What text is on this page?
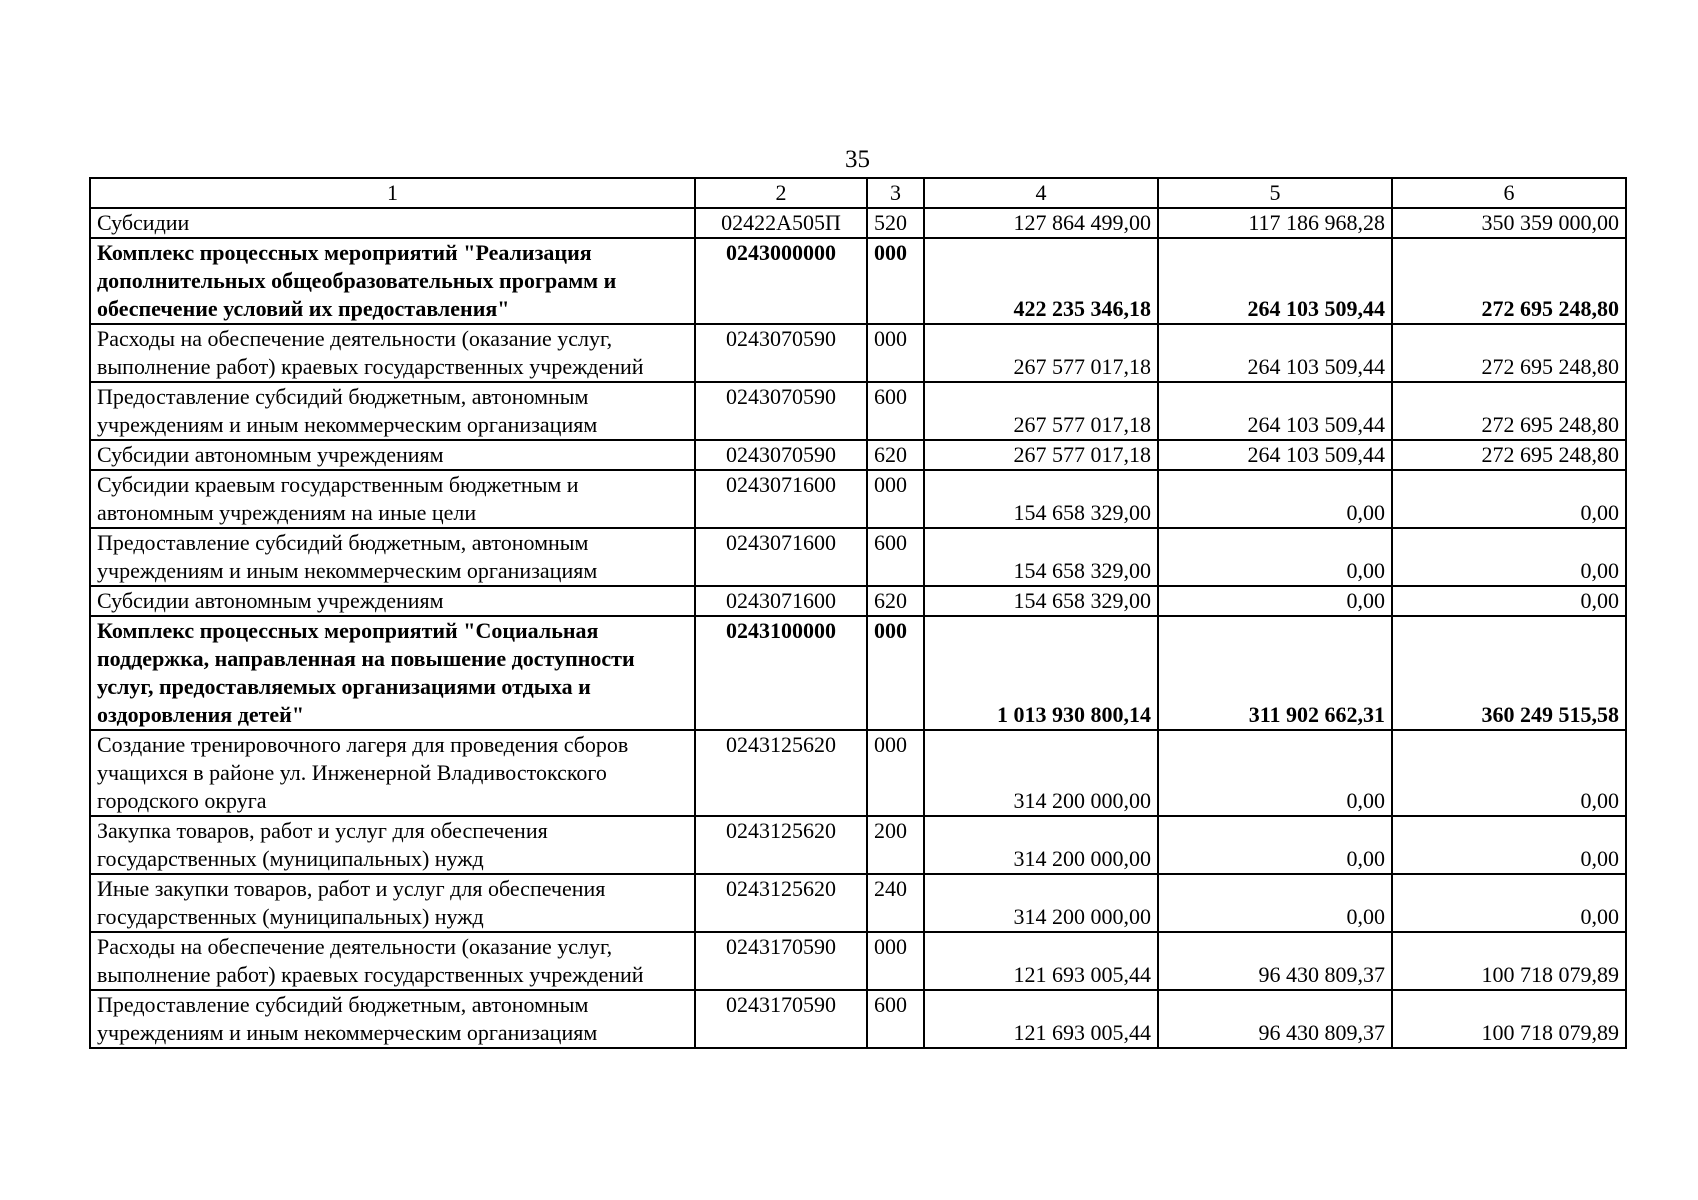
35
1	2	3	4	5	6
Субсидии	02422А505П	520	127 864 499,00	117 186 968,28	350 359 000,00
Комплекс процессных мероприятий "Реализация дополнительных общеобразовательных программ и обеспечение условий их предоставления"	0243000000	000	422 235 346,18	264 103 509,44	272 695 248,80
Расходы на обеспечение деятельности (оказание услуг, выполнение работ) краевых государственных учреждений	0243070590	000	267 577 017,18	264 103 509,44	272 695 248,80
Предоставление субсидий бюджетным, автономным учреждениям и иным некоммерческим организациям	0243070590	600	267 577 017,18	264 103 509,44	272 695 248,80
Субсидии автономным учреждениям	0243070590	620	267 577 017,18	264 103 509,44	272 695 248,80
Субсидии краевым государственным бюджетным и автономным учреждениям на иные цели	0243071600	000	154 658 329,00	0,00	0,00
Предоставление субсидий бюджетным, автономным учреждениям и иным некоммерческим организациям	0243071600	600	154 658 329,00	0,00	0,00
Субсидии автономным учреждениям	0243071600	620	154 658 329,00	0,00	0,00
Комплекс процессных мероприятий "Социальная поддержка, направленная на повышение доступности услуг, предоставляемых организациями отдыха и оздоровления детей"	0243100000	000	1 013 930 800,14	311 902 662,31	360 249 515,58
Создание тренировочного лагеря для проведения сборов учащихся в районе ул. Инженерной Владивостокского городского округа	0243125620	000	314 200 000,00	0,00	0,00
Закупка товаров, работ и услуг для обеспечения государственных (муниципальных) нужд	0243125620	200	314 200 000,00	0,00	0,00
Иные закупки товаров, работ и услуг для обеспечения государственных (муниципальных) нужд	0243125620	240	314 200 000,00	0,00	0,00
Расходы на обеспечение деятельности (оказание услуг, выполнение работ) краевых государственных учреждений	0243170590	000	121 693 005,44	96 430 809,37	100 718 079,89
Предоставление субсидий бюджетным, автономным учреждениям и иным некоммерческим организациям	0243170590	600	121 693 005,44	96 430 809,37	100 718 079,89
